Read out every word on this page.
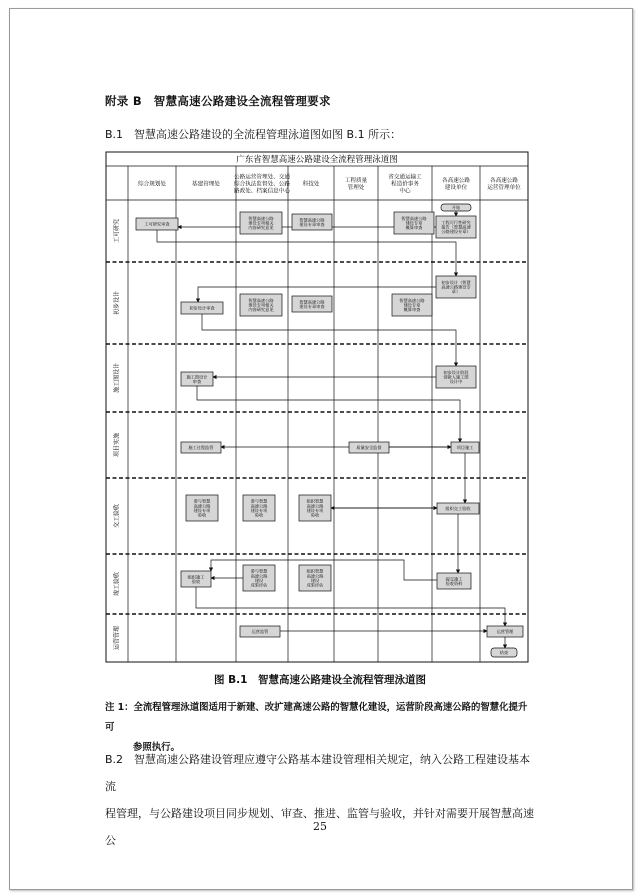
附录 B　智慧高速公路建设全流程管理要求
B.1　智慧高速公路建设的全流程管理泳道图如图 B.1 所示：
广东省智慧高速公路建设全流程管理泳道图
综合规划处	基建管理处
公路运营管理处、交通
综合执法监督处、公路
路政处、档案信息中心
科技处
工程质量
管理处
省交通运输工
程造价事务
中心
各高速公路
建设单位
各高速公路
运营管理单位
工可研究
初步设计
施工图设计
项目实施
交工验收
竣工验收
运营管理
开始
工可研究审查
智慧高速公路
建设专项相关
内容研究意见
智慧高速公路
建设专章审查
智慧高速公路
建设专章
概算审查
工程可行性研究
报告（智慧高速
公路建设专章）
初步设计（智慧
高速公路建设专
章）
初步设计审查
智慧高速公路
建设专项相关
内容研究意见
智慧高速公路
建设专章审查
智慧高速公路
建设专章
概算审查
初步设计阶段
创新入施工图
设计中
施工图设计
审查
施工过程监管	质量安全监督	项目施工
参与智慧
高速公路
建设专项
验收
参与智慧
高速公路
建设专项
验收
组织智慧
高速公路
建设专项
验收
组织交工验收
组织竣工
验收
参与智慧
高速公路
建设
成果评估
组织智慧
高速公路
建设
成果评估
提交竣工
验收资料
运营监管	运营管理
结束
图 B.1　智慧高速公路建设全流程管理泳道图
注 1：全流程管理泳道图适用于新建、改扩建高速公路的智慧化建设，运营阶段高速公路的智慧化提升可
参照执行。
B.2　智慧高速公路建设管理应遵守公路基本建设管理相关规定，纳入公路工程建设基本流
程管理，与公路建设项目同步规划、审查、推进、监管与验收，并针对需要开展智慧高速公
25
